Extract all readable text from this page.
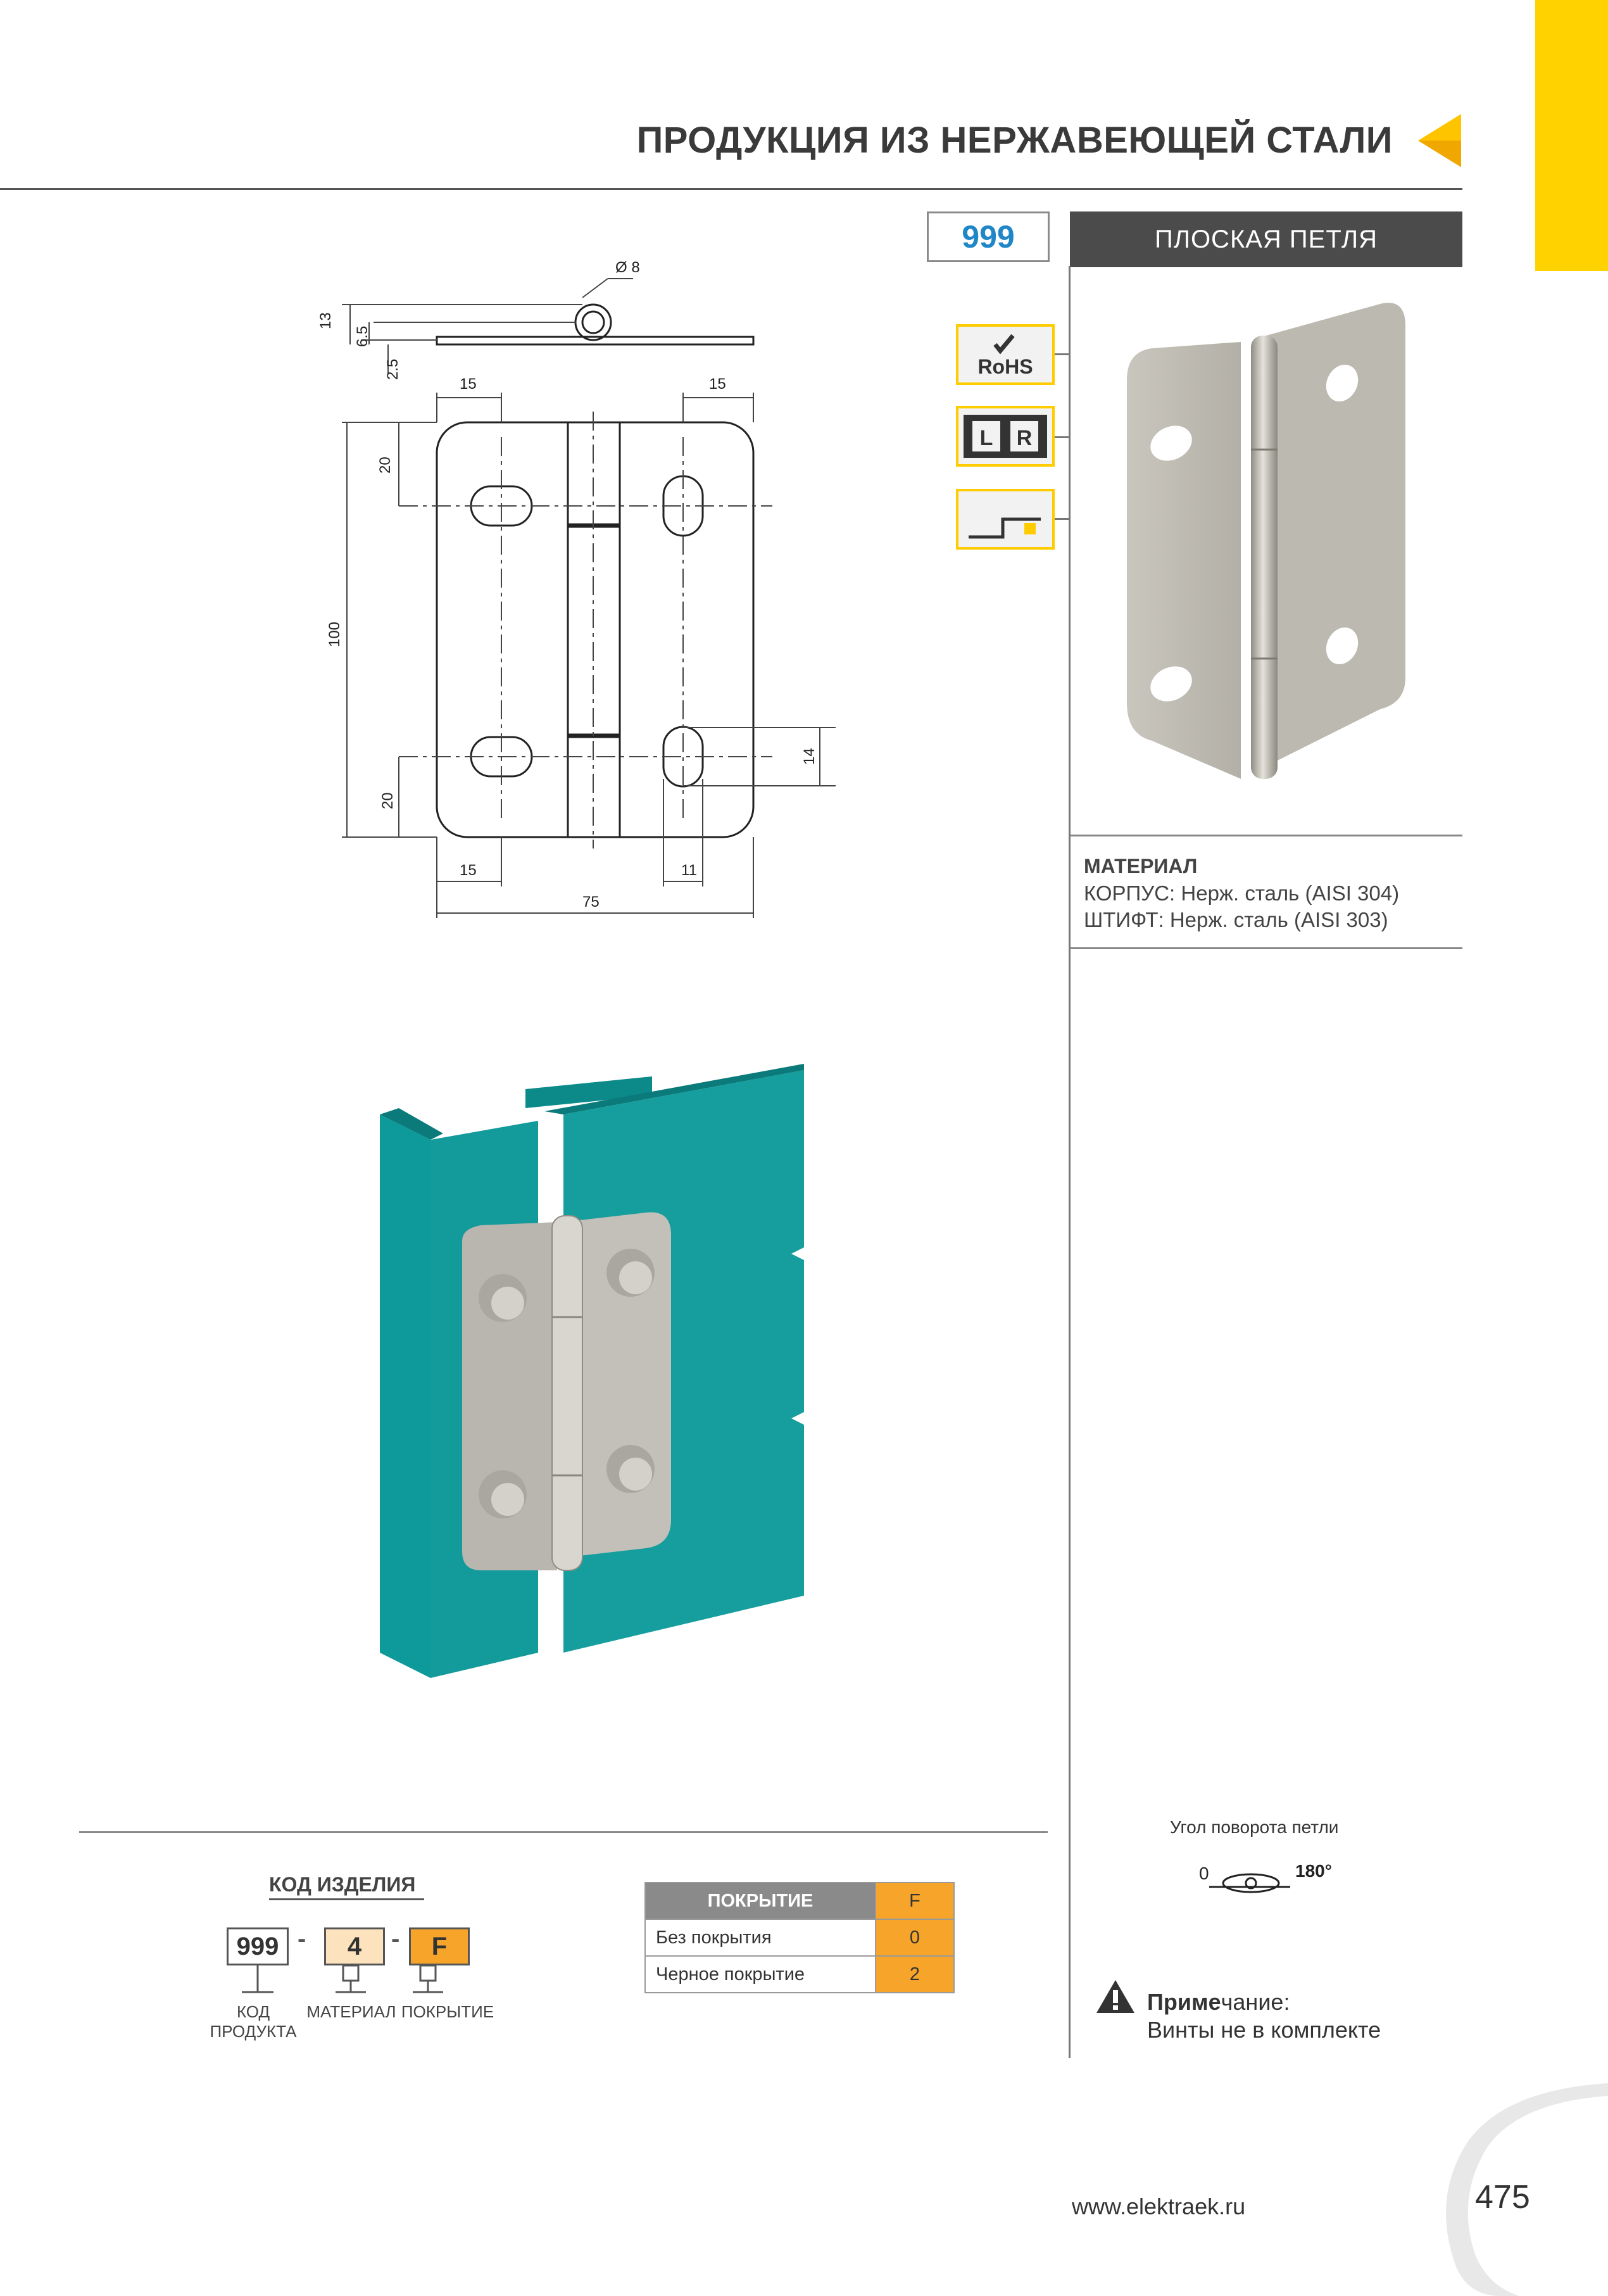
ПРОДУКЦИЯ ИЗ НЕРЖАВЕЮЩЕЙ СТАЛИ
999	ПЛОСКАЯ ПЕТЛЯ
RoHS
L R
МАТЕРИАЛ
КОРПУС: Нерж. сталь (AISI 304)
ШТИФТ: Нерж. сталь (AISI 303)
Ø 8
13
6.5
2.5
15	15
20
100
20
14
15	11
75
КОД ИЗДЕЛИЯ
999 -	4	-	F
КОД
ПРОДУКТА
МАТЕРИАЛ ПОКРЫТИЕ
ПОКРЫТИЕ	F
Без покрытия	0
Черное покрытие	2
Угол поворота петли
0	180°
Примечание:
Винты не в комплекте
www.elektraek.ru	475
